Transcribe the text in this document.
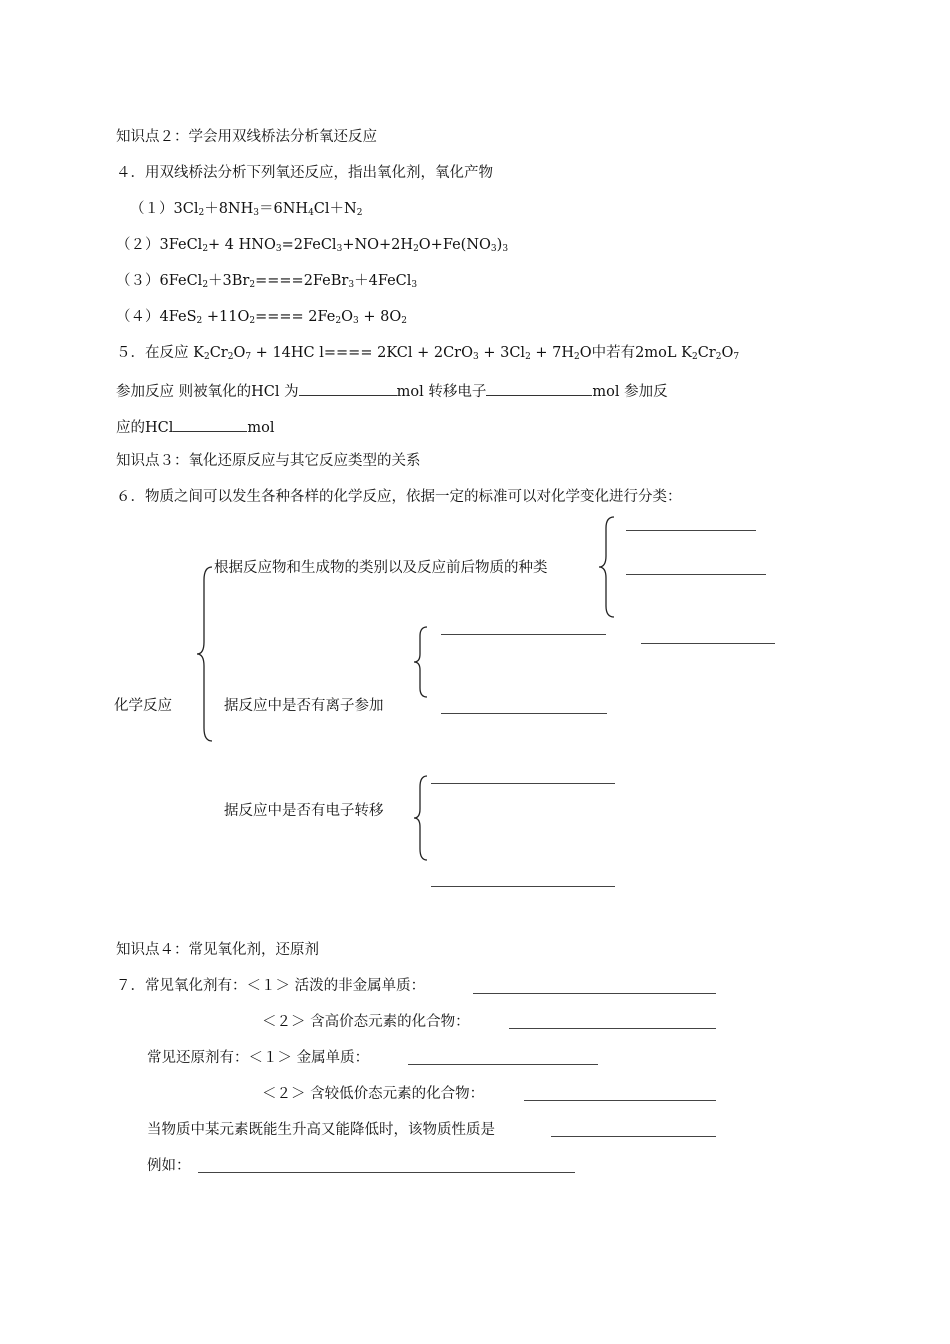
知识点２：学会用双线桥法分析氧还反应
４．用双线桥法分析下列氧还反应，指出氧化剂，氧化产物
$(1)3Cl_2+8NH_3=6NH_4Cl+N_2$
（２）3FeCl$_2$+ 4 $HNO_3=2FeCl_3+NO+2H_2O+Fe(NO_3)_3$
$(3)6FeCl_2+3Br_2====2FeBr_3+4FeCl_3$
$(4)4FeS_2 +11O_2==== 2Fe_2O_3 + 8O_2$
５．在反应 $K_2Cr_2O_7 + 14HC$ $l==== 2KCl + 2CrO_3 + 3Cl_2 + 7H_2O$中若有2moL $K_2Cr_2O_7$
参加反应 则被氧化的HCl 为	mol 转移电子	mol 参加反
应的HCl	mol
知识点３：氧化还原反应与其它反应类型的关系
６．物质之间可以发生各种各样的化学反应，依据一定的标准可以对化学变化进行分类：
根据反应物和生成物的类别以及反应前后物质的种类
化学反应	据反应中是否有离子参加
据反应中是否有电子转移
知识点４：常见氧化剂，还原剂
７．常见氧化剂有：＜１＞ 活泼的非金属单质：
＜２＞ 含高价态元素的化合物：
常见还原剂有：＜１＞ 金属单质：
＜２＞ 含较低价态元素的化合物：
当物质中某元素既能生升高又能降低时，该物质性质是
例如：
